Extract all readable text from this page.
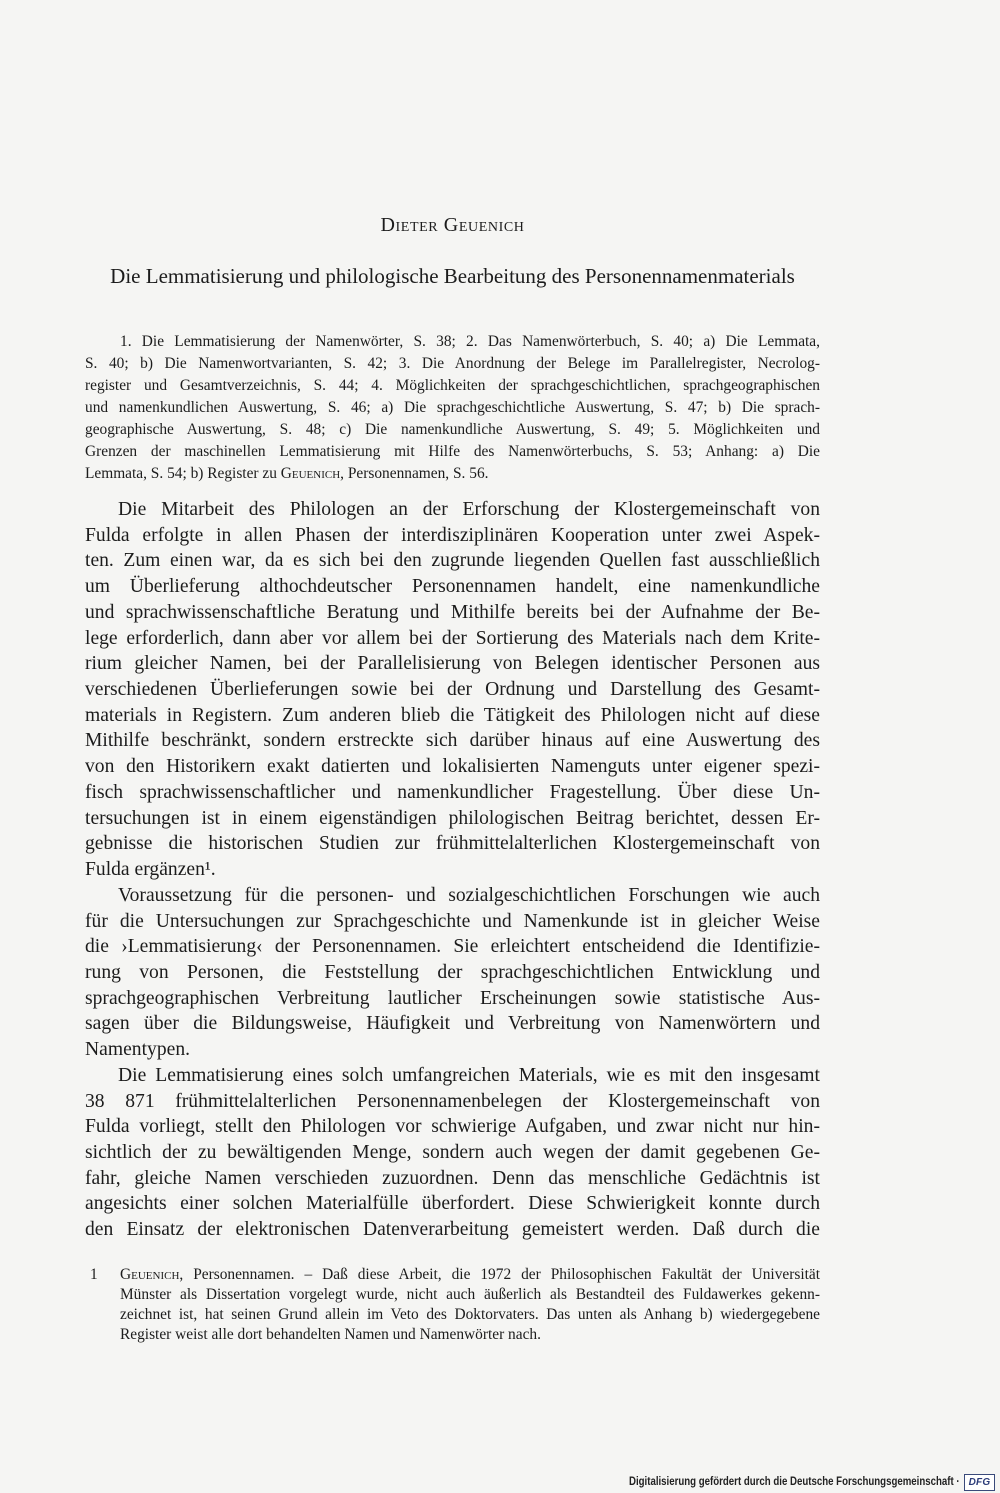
Dieter Geuenich
Die Lemmatisierung und philologische Bearbeitung des Personennamenmaterials
1. Die Lemmatisierung der Namenwörter, S. 38; 2. Das Namenwörterbuch, S. 40; a) Die Lemmata,
S. 40; b) Die Namenwortvarianten, S. 42; 3. Die Anordnung der Belege im Parallelregister, Necrolog-
register und Gesamtverzeichnis, S. 44; 4. Möglichkeiten der sprachgeschichtlichen, sprachgeographischen
und namenkundlichen Auswertung, S. 46; a) Die sprachgeschichtliche Auswertung, S. 47; b) Die sprach-
geographische Auswertung, S. 48; c) Die namenkundliche Auswertung, S. 49; 5. Möglichkeiten und
Grenzen der maschinellen Lemmatisierung mit Hilfe des Namenwörterbuchs, S. 53; Anhang: a) Die
Lemmata, S. 54; b) Register zu Geuenich, Personennamen, S. 56.
Die Mitarbeit des Philologen an der Erforschung der Klostergemeinschaft von
Fulda erfolgte in allen Phasen der interdisziplinären Kooperation unter zwei Aspek-
ten. Zum einen war, da es sich bei den zugrunde liegenden Quellen fast ausschließlich
um Überlieferung althochdeutscher Personennamen handelt, eine namenkundliche
und sprachwissenschaftliche Beratung und Mithilfe bereits bei der Aufnahme der Be-
lege erforderlich, dann aber vor allem bei der Sortierung des Materials nach dem Krite-
rium gleicher Namen, bei der Parallelisierung von Belegen identischer Personen aus
verschiedenen Überlieferungen sowie bei der Ordnung und Darstellung des Gesamt-
materials in Registern. Zum anderen blieb die Tätigkeit des Philologen nicht auf diese
Mithilfe beschränkt, sondern erstreckte sich darüber hinaus auf eine Auswertung des
von den Historikern exakt datierten und lokalisierten Namenguts unter eigener spezi-
fisch sprachwissenschaftlicher und namenkundlicher Fragestellung. Über diese Un-
tersuchungen ist in einem eigenständigen philologischen Beitrag berichtet, dessen Er-
gebnisse die historischen Studien zur frühmittelalterlichen Klostergemeinschaft von
Fulda ergänzen¹.
Voraussetzung für die personen- und sozialgeschichtlichen Forschungen wie auch
für die Untersuchungen zur Sprachgeschichte und Namenkunde ist in gleicher Weise
die ›Lemmatisierung‹ der Personennamen. Sie erleichtert entscheidend die Identifizie-
rung von Personen, die Feststellung der sprachgeschichtlichen Entwicklung und
sprachgeographischen Verbreitung lautlicher Erscheinungen sowie statistische Aus-
sagen über die Bildungsweise, Häufigkeit und Verbreitung von Namenwörtern und
Namentypen.
Die Lemmatisierung eines solch umfangreichen Materials, wie es mit den insgesamt
38 871 frühmittelalterlichen Personennamenbelegen der Klostergemeinschaft von
Fulda vorliegt, stellt den Philologen vor schwierige Aufgaben, und zwar nicht nur hin-
sichtlich der zu bewältigenden Menge, sondern auch wegen der damit gegebenen Ge-
fahr, gleiche Namen verschieden zuzuordnen. Denn das menschliche Gedächtnis ist
angesichts einer solchen Materialfülle überfordert. Diese Schwierigkeit konnte durch
den Einsatz der elektronischen Datenverarbeitung gemeistert werden. Daß durch die
1 Geuenich, Personennamen. – Daß diese Arbeit, die 1972 der Philosophischen Fakultät der Universität
Münster als Dissertation vorgelegt wurde, nicht auch äußerlich als Bestandteil des Fuldawerkes gekenn-
zeichnet ist, hat seinen Grund allein im Veto des Doktorvaters. Das unten als Anhang b) wiedergegebene
Register weist alle dort behandelten Namen und Namenwörter nach.
Digitalisierung gefördert durch die Deutsche Forschungsgemeinschaft · DFG
